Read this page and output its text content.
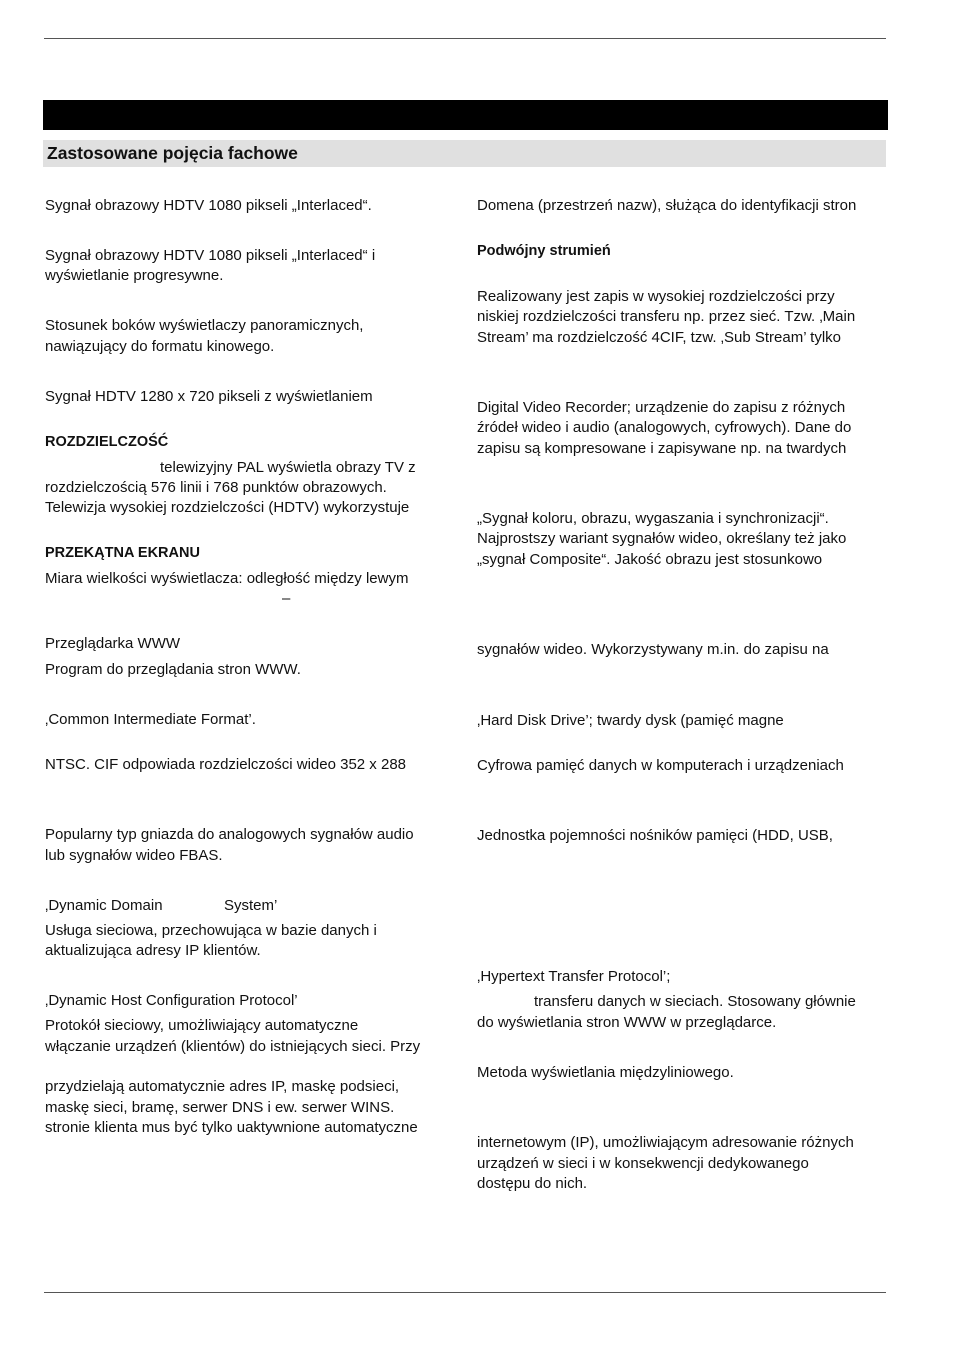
Zastosowane pojęcia fachowe
Sygnał obrazowy HDTV 1080 pikseli „Interlaced“.
Sygnał obrazowy HDTV 1080 pikseli „Interlaced“ i
wyświetlanie progresywne.
Stosunek boków wyświetlaczy panoramicznych,
nawiązujący do formatu kinowego.
Sygnał HDTV 1280 x 720 pikseli z wyświetlaniem
ROZDZIELCZOŚĆ
telewizyjny PAL wyświetla obrazy TV z
rozdzielczością 576 linii i 768 punktów obrazowych.
Telewizja wysokiej rozdzielczości (HDTV) wykorzystuje
PRZEKĄTNA EKRANU
Miara wielkości wyświetlacza: odległość między lewym
–
Przeglądarka WWW
Program do przeglądania stron WWW.
‚Common Intermediate Format’.
NTSC. CIF odpowiada rozdzielczości wideo 352 x 288
Popularny typ gniazda do analogowych sygnałów audio
lub sygnałów wideo FBAS.
‚Dynamic Domain	System’
Usługa sieciowa, przechowująca w bazie danych i
aktualizująca adresy IP klientów.
‚Dynamic Host Configuration Protocol’
Protokół sieciowy, umożliwiający automatyczne
włączanie urządzeń (klientów) do istniejących sieci. Przy
przydzielają automatycznie adres IP, maskę podsieci,
maskę sieci, bramę, serwer DNS i ew. serwer WINS.
stronie klienta mus być tylko uaktywnione automatyczne
Domena (przestrzeń nazw), służąca do identyfikacji stron
Podwójny strumień
Realizowany jest zapis w wysokiej rozdzielczości przy
niskiej rozdzielczości transferu np. przez sieć. Tzw. ‚Main
Stream’ ma rozdzielczość 4CIF, tzw. ‚Sub Stream’ tylko
Digital Video Recorder; urządzenie do zapisu z różnych
źródeł wideo i audio (analogowych, cyfrowych). Dane do
zapisu są kompresowane i zapisywane np. na twardych
„Sygnał koloru, obrazu, wygaszania i synchronizacji“.
Najprostszy wariant sygnałów wideo, określany też jako
„sygnał Composite“. Jakość obrazu jest stosunkowo
sygnałów wideo. Wykorzystywany m.in. do zapisu na
‚Hard Disk Drive’; twardy dysk (pamięć magne
Cyfrowa pamięć danych w komputerach i urządzeniach
Jednostka pojemności nośników pamięci (HDD, USB,
‚Hypertext Transfer Protocol’;
transferu danych w sieciach. Stosowany głównie
do wyświetlania stron WWW w przeglądarce.
Metoda wyświetlania międzyliniowego.
internetowym (IP), umożliwiającym adresowanie różnych
urządzeń w sieci i w konsekwencji dedykowanego
dostępu do nich.
